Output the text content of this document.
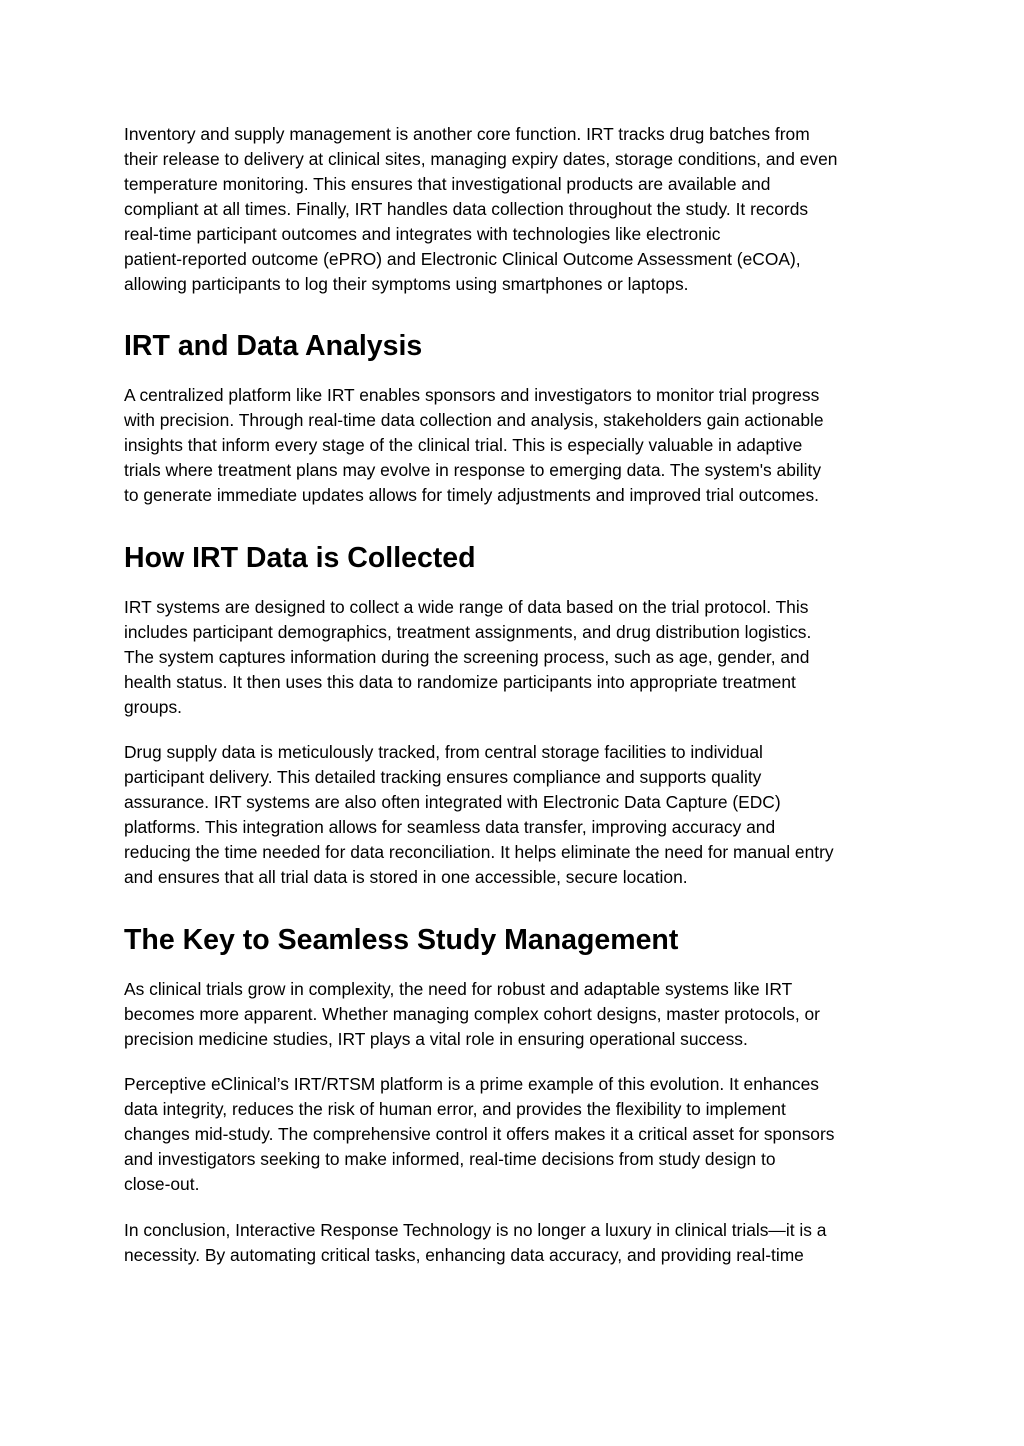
Inventory and supply management is another core function. IRT tracks drug batches from
their release to delivery at clinical sites, managing expiry dates, storage conditions, and even
temperature monitoring. This ensures that investigational products are available and
compliant at all times. Finally, IRT handles data collection throughout the study. It records
real-time participant outcomes and integrates with technologies like electronic
patient-reported outcome (ePRO) and Electronic Clinical Outcome Assessment (eCOA),
allowing participants to log their symptoms using smartphones or laptops.

IRT and Data Analysis

A centralized platform like IRT enables sponsors and investigators to monitor trial progress
with precision. Through real-time data collection and analysis, stakeholders gain actionable
insights that inform every stage of the clinical trial. This is especially valuable in adaptive
trials where treatment plans may evolve in response to emerging data. The system's ability
to generate immediate updates allows for timely adjustments and improved trial outcomes.

How IRT Data is Collected

IRT systems are designed to collect a wide range of data based on the trial protocol. This
includes participant demographics, treatment assignments, and drug distribution logistics.
The system captures information during the screening process, such as age, gender, and
health status. It then uses this data to randomize participants into appropriate treatment
groups.

Drug supply data is meticulously tracked, from central storage facilities to individual
participant delivery. This detailed tracking ensures compliance and supports quality
assurance. IRT systems are also often integrated with Electronic Data Capture (EDC)
platforms. This integration allows for seamless data transfer, improving accuracy and
reducing the time needed for data reconciliation. It helps eliminate the need for manual entry
and ensures that all trial data is stored in one accessible, secure location.

The Key to Seamless Study Management

As clinical trials grow in complexity, the need for robust and adaptable systems like IRT
becomes more apparent. Whether managing complex cohort designs, master protocols, or
precision medicine studies, IRT plays a vital role in ensuring operational success.

Perceptive eClinical’s IRT/RTSM platform is a prime example of this evolution. It enhances
data integrity, reduces the risk of human error, and provides the flexibility to implement
changes mid-study. The comprehensive control it offers makes it a critical asset for sponsors
and investigators seeking to make informed, real-time decisions from study design to
close-out.

In conclusion, Interactive Response Technology is no longer a luxury in clinical trials—it is a
necessity. By automating critical tasks, enhancing data accuracy, and providing real-time
